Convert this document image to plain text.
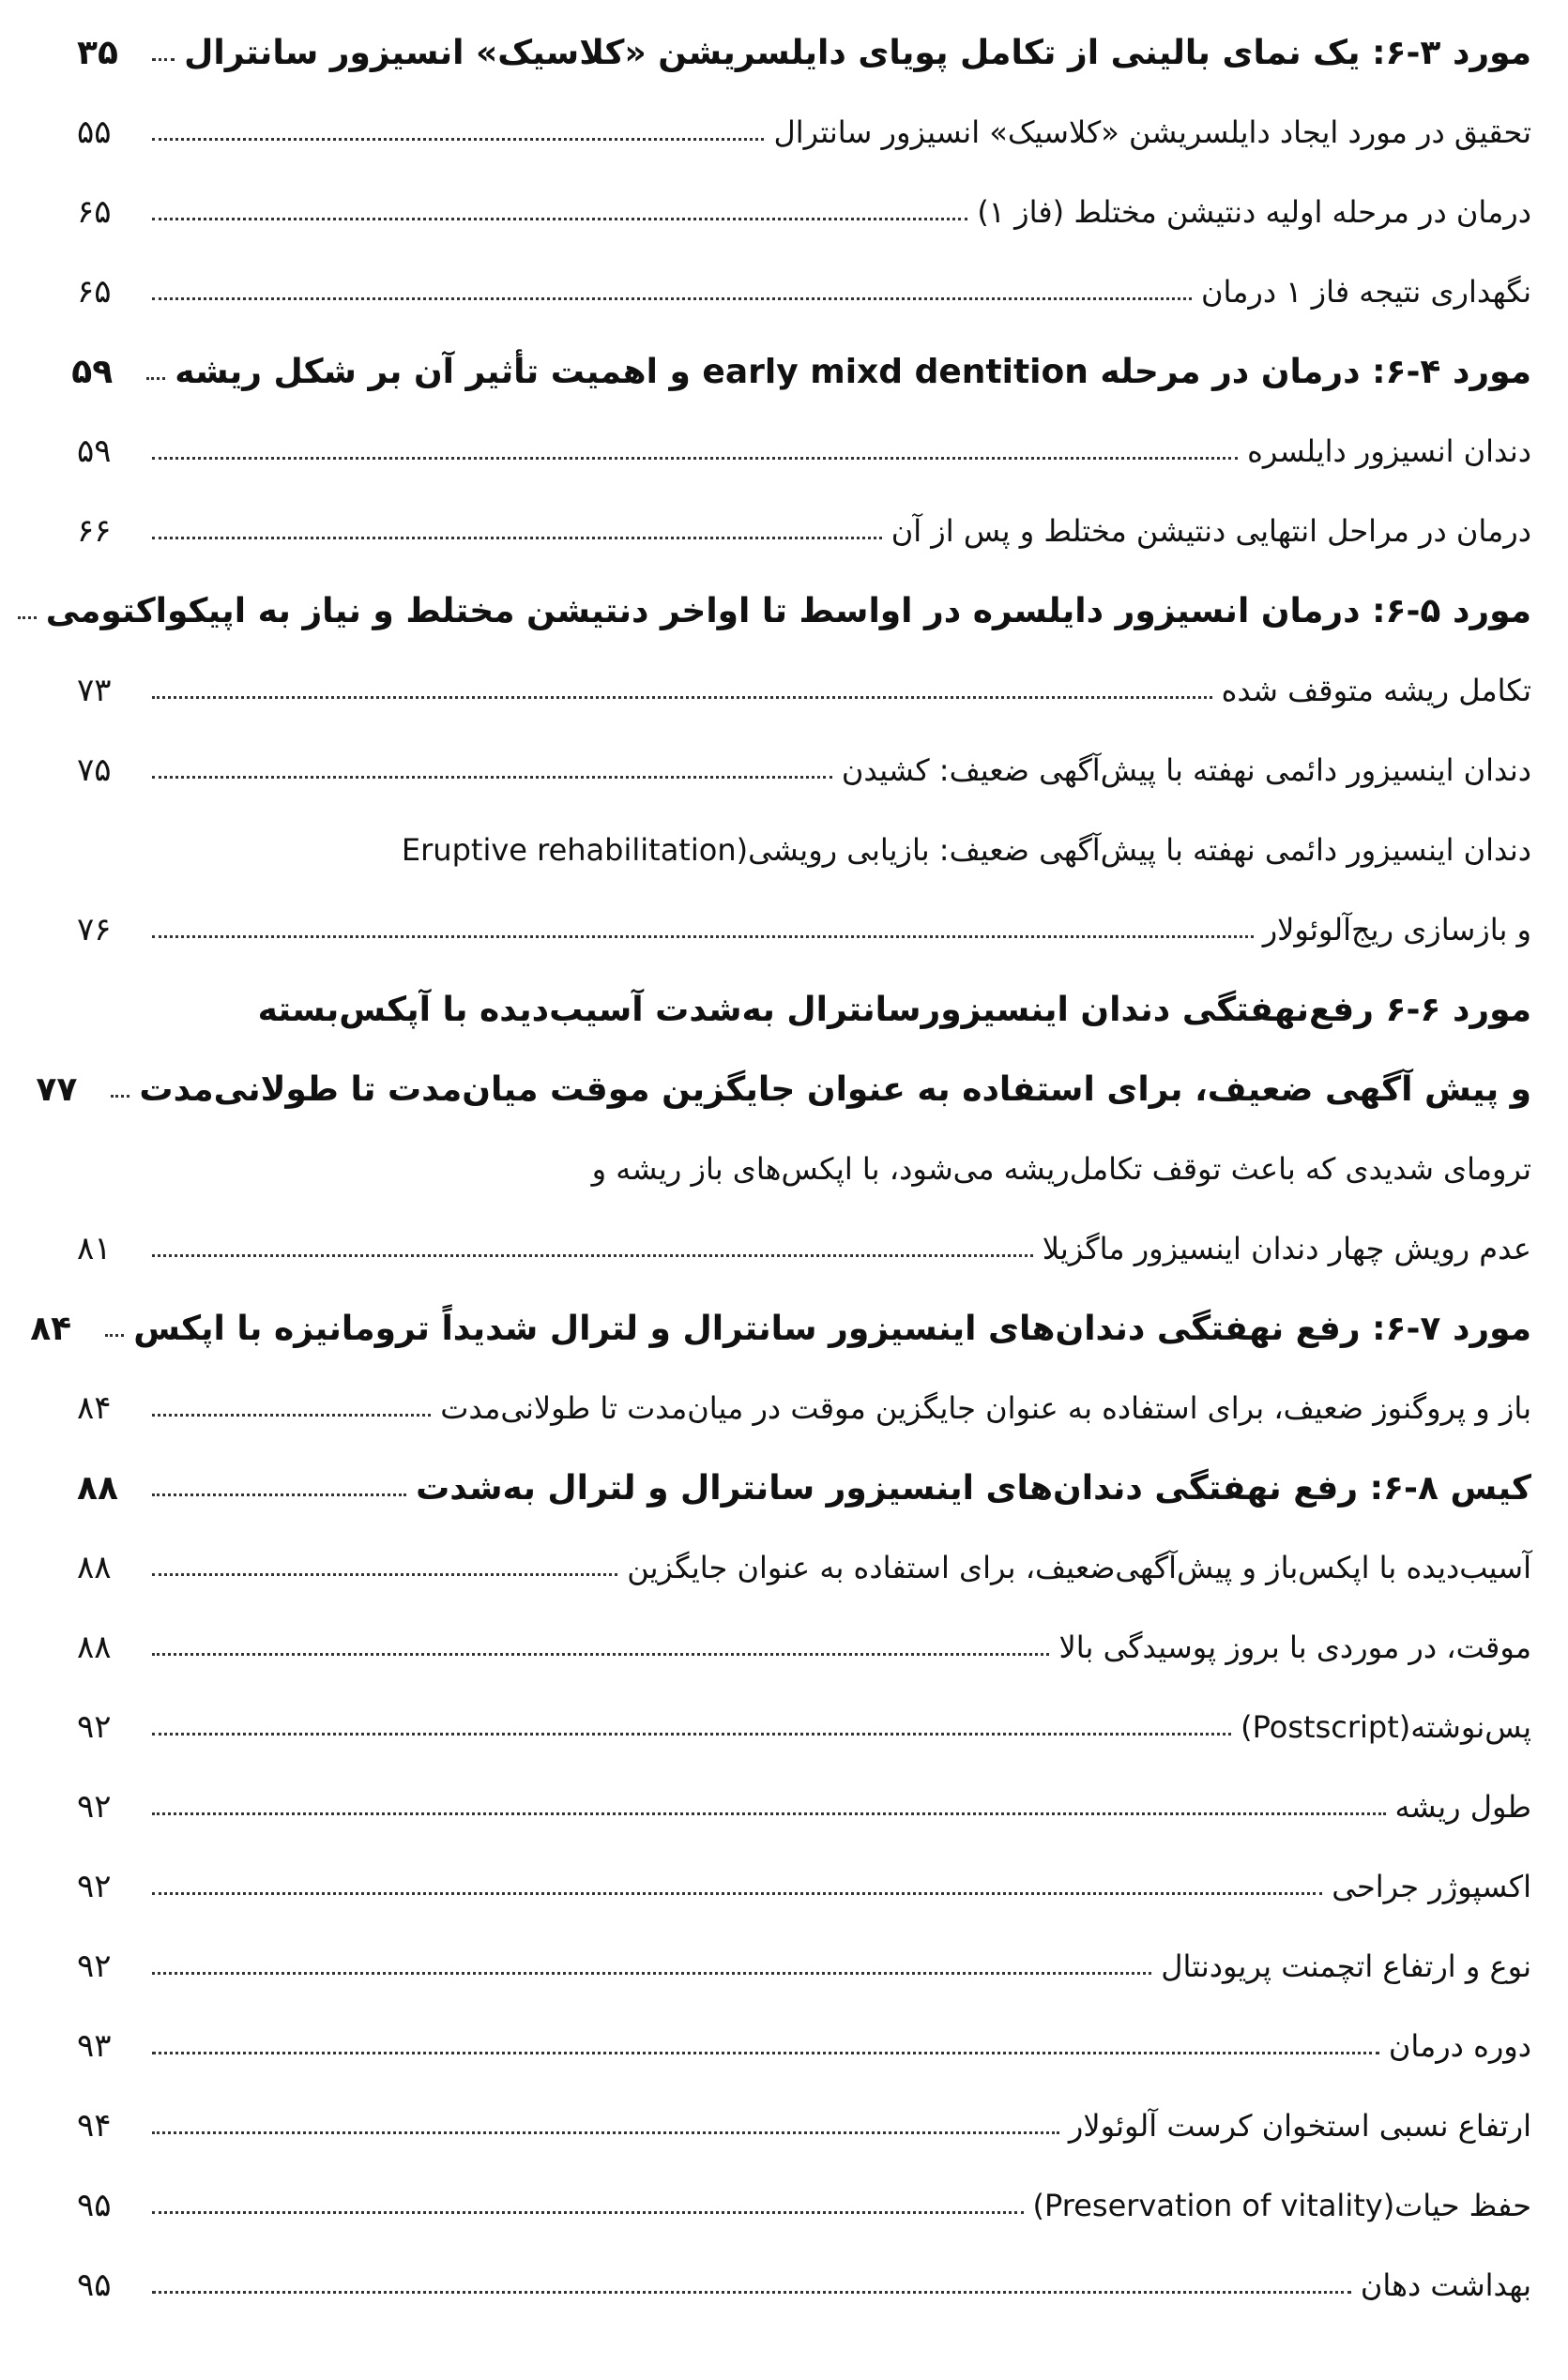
مورد ۳-۶: یک نمای بالینی از تکامل پویای دایلسریشن «کلاسیک» انسیزور سانترال
۳۵
تحقیق در مورد ایجاد دایلسریشن «کلاسیک» انسیزور سانترال
۵۵
درمان در مرحله اولیه دنتیشن مختلط (فاز ۱)
۶۵
نگهداری نتیجه فاز ۱ درمان
۶۵
مورد ۴-۶: درمان در مرحله early mixd dentition و اهمیت تأثیر آن بر شکل ریشه
۵۹
دندان انسیزور دایلسره
۵۹
درمان در مراحل انتهایی دنتیشن مختلط و پس از آن
۶۶
مورد ۵-۶: درمان انسیزور دایلسره در اواسط تا اواخر دنتیشن مختلط و نیاز به اپیکواکتومی
تکامل ریشه متوقف شده
۷۳
دندان اینسیزور دائمی نهفته با پیش‌آگهی ضعیف: کشیدن
۷۵
دندان اینسیزور دائمی نهفته با پیش‌آگهی ضعیف: بازیابی رویشی(Eruptive rehabilitation
و بازسازی ریج‌آلوئولار
۷۶
مورد ۶-۶ رفع‌نهفتگی دندان اینسیزورسانترال به‌شدت آسیب‌دیده با آپکس‌بسته
و پیش آگهی ضعیف، برای استفاده به عنوان جایگزین موقت میان‌مدت تا طولانی‌مدت
۷۷
ترومای شدیدی که باعث توقف تکامل‌ریشه می‌شود، با اپکس‌های باز ریشه و
عدم رویش چهار دندان اینسیزور ماگزیلا
۸۱
مورد ۷-۶: رفع نهفتگی دندان‌های اینسیزور سانترال و لترال شدیداً ترومانیزه با اپکس
۸۴
باز و پروگنوز ضعیف، برای استفاده به عنوان جایگزین موقت در میان‌مدت تا طولانی‌مدت
۸۴
کیس ۸-۶: رفع نهفتگی دندان‌های اینسیزور سانترال و لترال به‌شدت
۸۸
آسیب‌دیده با اپکس‌باز و پیش‌آگهی‌ضعیف، برای استفاده به عنوان جایگزین
۸۸
موقت، در موردی با بروز پوسیدگی بالا
۸۸
پس‌نوشته(Postscript)
۹۲
طول ریشه
۹۲
اکسپوژر جراحی
۹۲
نوع و ارتفاع اتچمنت پریودنتال
۹۲
دوره درمان
۹۳
ارتفاع نسبی استخوان کرست آلوئولار
۹۴
حفظ حیات(Preservation of vitality)
۹۵
بهداشت دهان
۹۵
